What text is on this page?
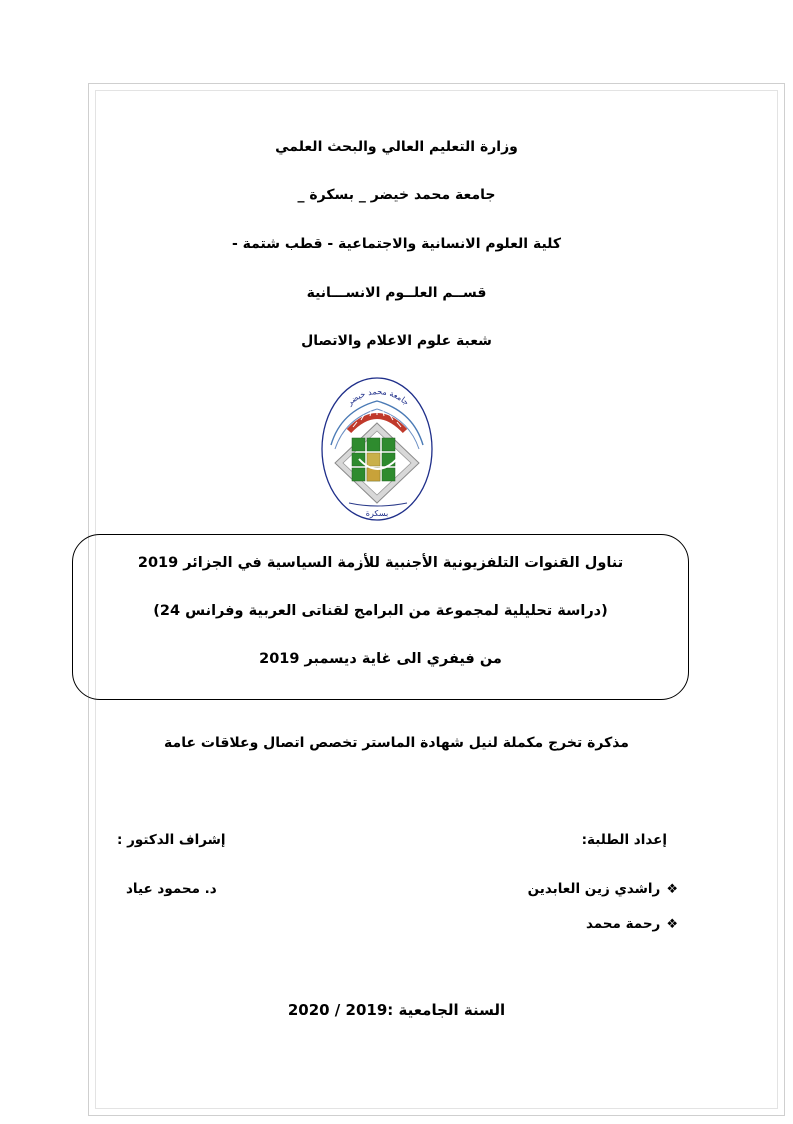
وزارة التعليم العالي والبحث العلمي
جامعة محمد خيضر _ بسكرة _
كلية العلوم الانسانية والاجتماعية - قطب شتمة -
قســم العلــوم الانســـانية
شعبة علوم الاعلام والاتصال
جامعة محمد خيضر
بسكرة
تناول القنوات التلفزيونية الأجنبية للأزمة السياسية في الجزائر 2019
(دراسة تحليلية لمجموعة من البرامج لقناتى العربية وفرانس 24)
من فيفري الى غاية ديسمبر 2019
مذكرة تخرج مكملة لنيل شهادة الماستر تخصص اتصال وعلاقات عامة
إعداد الطلبة:
❖راشدي زين العابدين
❖رحمة محمد
إشراف الدكتور :
د. محمود عياد
السنة الجامعية :2019 / 2020
